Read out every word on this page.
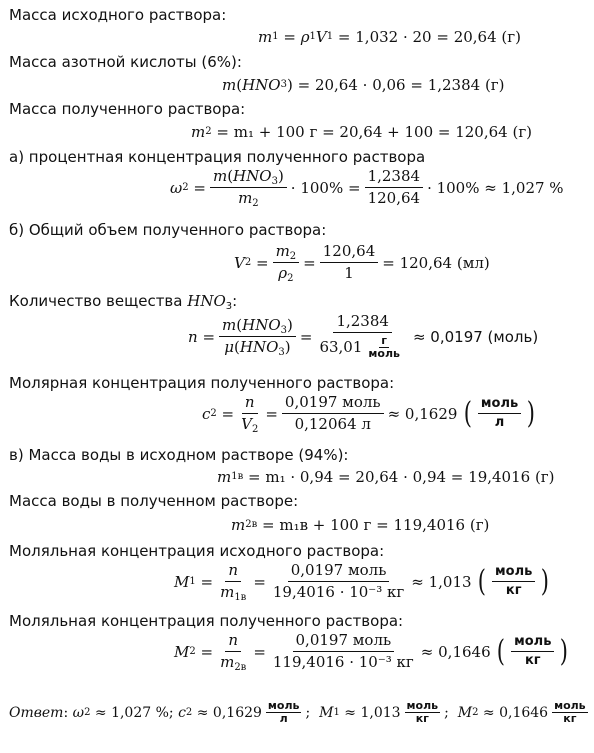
Масса исходного раствора:
m 1 = ρ 1 V 1
= 1,032 · 20 = 20,64 (г)
Масса азотной кислоты (6%):
m ( HNO 3 ) = 20,64 · 0,06 = 1,2384 (г)
Масса полученного раствора:
m 2
= m₁ + 100 г = 20,64 + 100 = 120,64 (г)
а) процентная концентрация полученного раствора
ω $2 = \frac{m(HNO_3)}{m_2} \cdot 100\% = \frac{1,2384}{120,64} \cdot 100\% \approx 1,027$ %
б) Общий объем полученного раствора:
V $2 = \frac{m_2}{\rho_2} = \frac{120,64}{1} = 120,64$ (мл)
Количество вещества $HNO_3$:
$n = \frac{m(HNO_3)}{\mu(HNO_3)} = \frac{1,2384}{63,01 \frac{г}{\text{моль}}} \approx 0,0197$ (моль)
Молярная концентрация полученного раствора:
c $2 = \frac{n}{V_2} = \frac{\text{0,0197 моль}}{0,12064 л} \approx 0,1629$
( $\frac{\text{моль}}{л}$ )
в) Масса воды в исходном растворе (94%):
m 1в
= m₁ · 0,94 = 20,64 · 0,94 = 19,4016 (г)
Масса воды в полученном растворе:
m 2в
= m₁в + 100 г = 119,4016 (г)
Моляльная концентрация исходного раствора:
M $1 = \frac{n}{m_{1в}} = \frac{\text{0,0197 моль}}{\text{19,4016 · 10⁻³ кг}} \approx 1,013$
( $\frac{\text{моль}}{кг}$ )
Моляльная концентрация полученного раствора:
M $2 = \frac{n}{m_{2в}} = \frac{\text{0,0197 моль}}{\text{119,4016 · 10⁻³ кг}} \approx 0,1646$
( $\frac{\text{моль}}{кг}$ )
Ответ : ω 2
≈ 1,027 %;
c 2
≈ $0,1629 \frac{\text{моль}}{л}$ ; M 1
≈ $1,013 \frac{\text{моль}}{кг}$ ; M 2
≈ $0,1646 \frac{\text{моль}}{кг}$
